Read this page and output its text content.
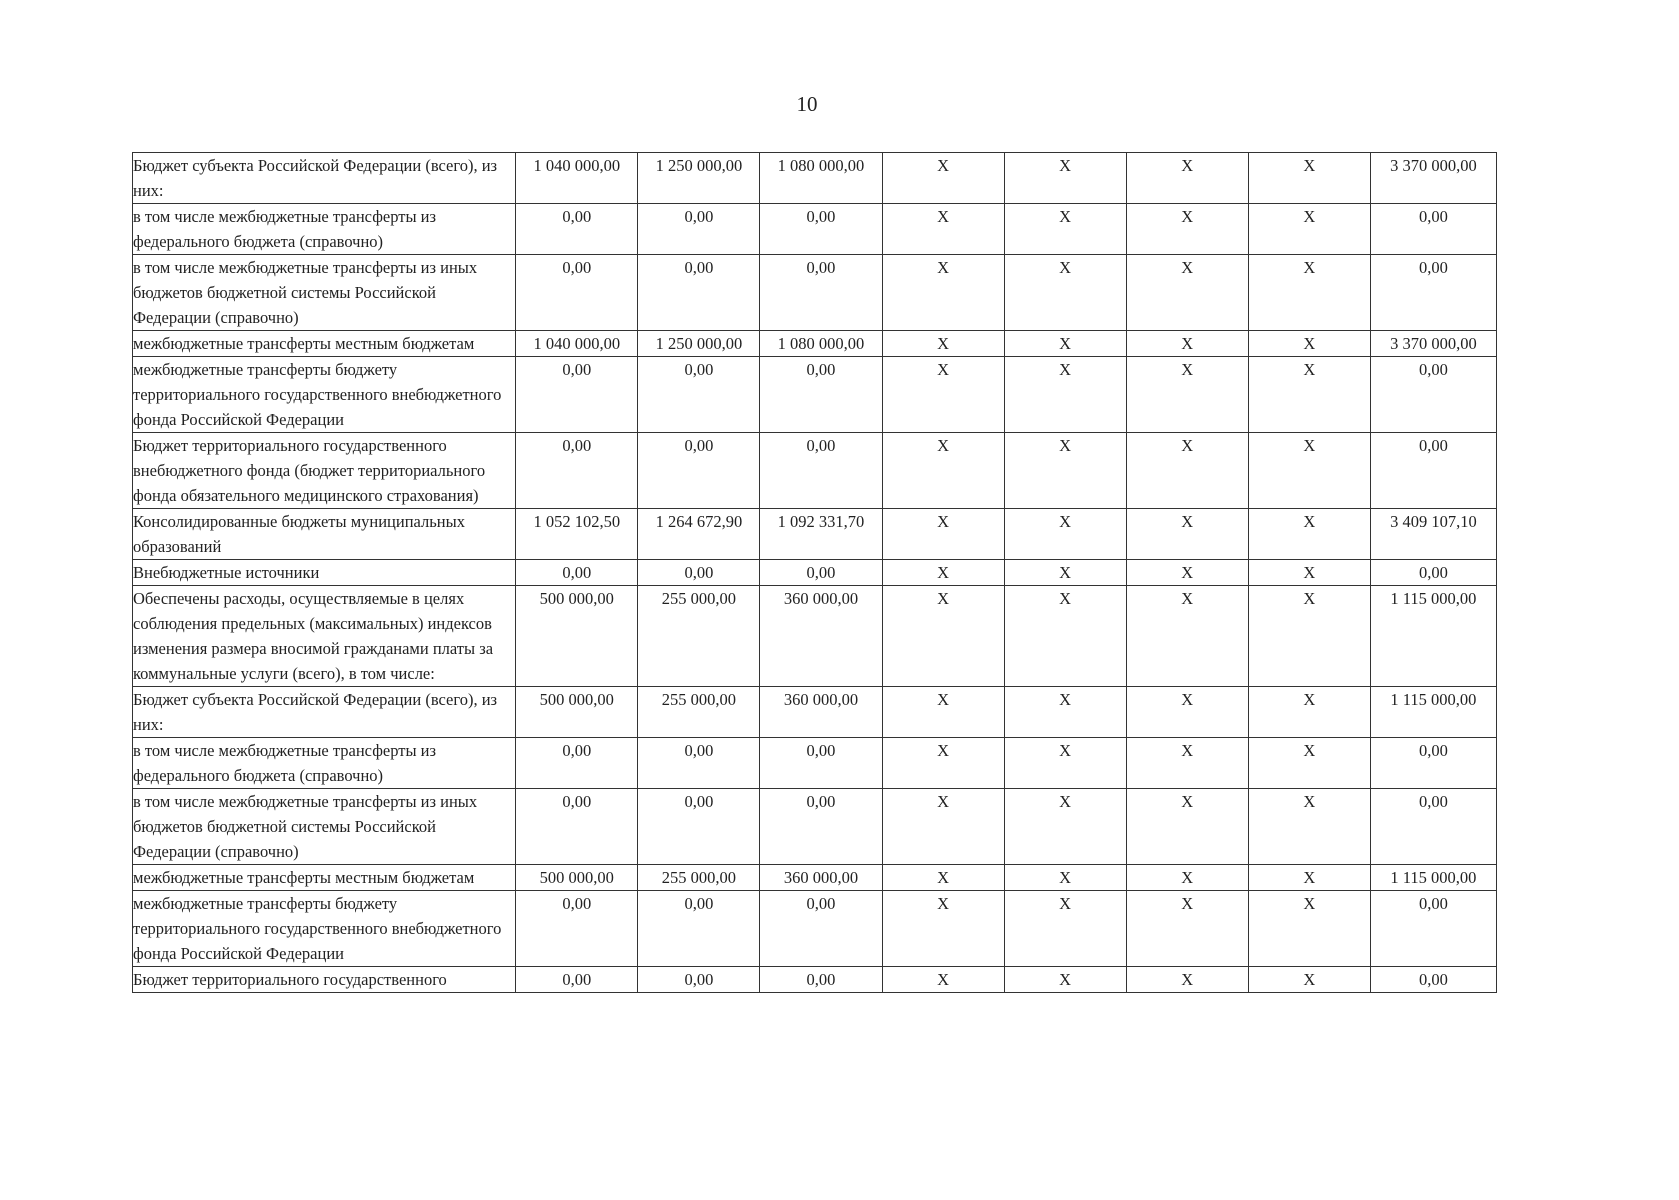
10
Бюджет субъекта Российской Федерации (всего), из них:	1 040 000,00	1 250 000,00	1 080 000,00	X	X	X	X	3 370 000,00
в том числе межбюджетные трансферты из федерального бюджета (справочно)	0,00	0,00	0,00	X	X	X	X	0,00
в том числе межбюджетные трансферты из иных бюджетов бюджетной системы Российской Федерации (справочно)	0,00	0,00	0,00	X	X	X	X	0,00
межбюджетные трансферты местным бюджетам	1 040 000,00	1 250 000,00	1 080 000,00	X	X	X	X	3 370 000,00
межбюджетные трансферты бюджету территориального государственного внебюджетного фонда Российской Федерации	0,00	0,00	0,00	X	X	X	X	0,00
Бюджет территориального государственного внебюджетного фонда (бюджет территориального фонда обязательного медицинского страхования)	0,00	0,00	0,00	X	X	X	X	0,00
Консолидированные бюджеты муниципальных образований	1 052 102,50	1 264 672,90	1 092 331,70	X	X	X	X	3 409 107,10
Внебюджетные источники	0,00	0,00	0,00	X	X	X	X	0,00
Обеспечены расходы, осуществляемые в целях соблюдения предельных (максимальных) индексов изменения размера вносимой гражданами платы за коммунальные услуги (всего), в том числе:	500 000,00	255 000,00	360 000,00	X	X	X	X	1 115 000,00
Бюджет субъекта Российской Федерации (всего), из них:	500 000,00	255 000,00	360 000,00	X	X	X	X	1 115 000,00
в том числе межбюджетные трансферты из федерального бюджета (справочно)	0,00	0,00	0,00	X	X	X	X	0,00
в том числе межбюджетные трансферты из иных бюджетов бюджетной системы Российской Федерации (справочно)	0,00	0,00	0,00	X	X	X	X	0,00
межбюджетные трансферты местным бюджетам	500 000,00	255 000,00	360 000,00	X	X	X	X	1 115 000,00
межбюджетные трансферты бюджету территориального государственного внебюджетного фонда Российской Федерации	0,00	0,00	0,00	X	X	X	X	0,00
Бюджет территориального государственного	0,00	0,00	0,00	X	X	X	X	0,00
